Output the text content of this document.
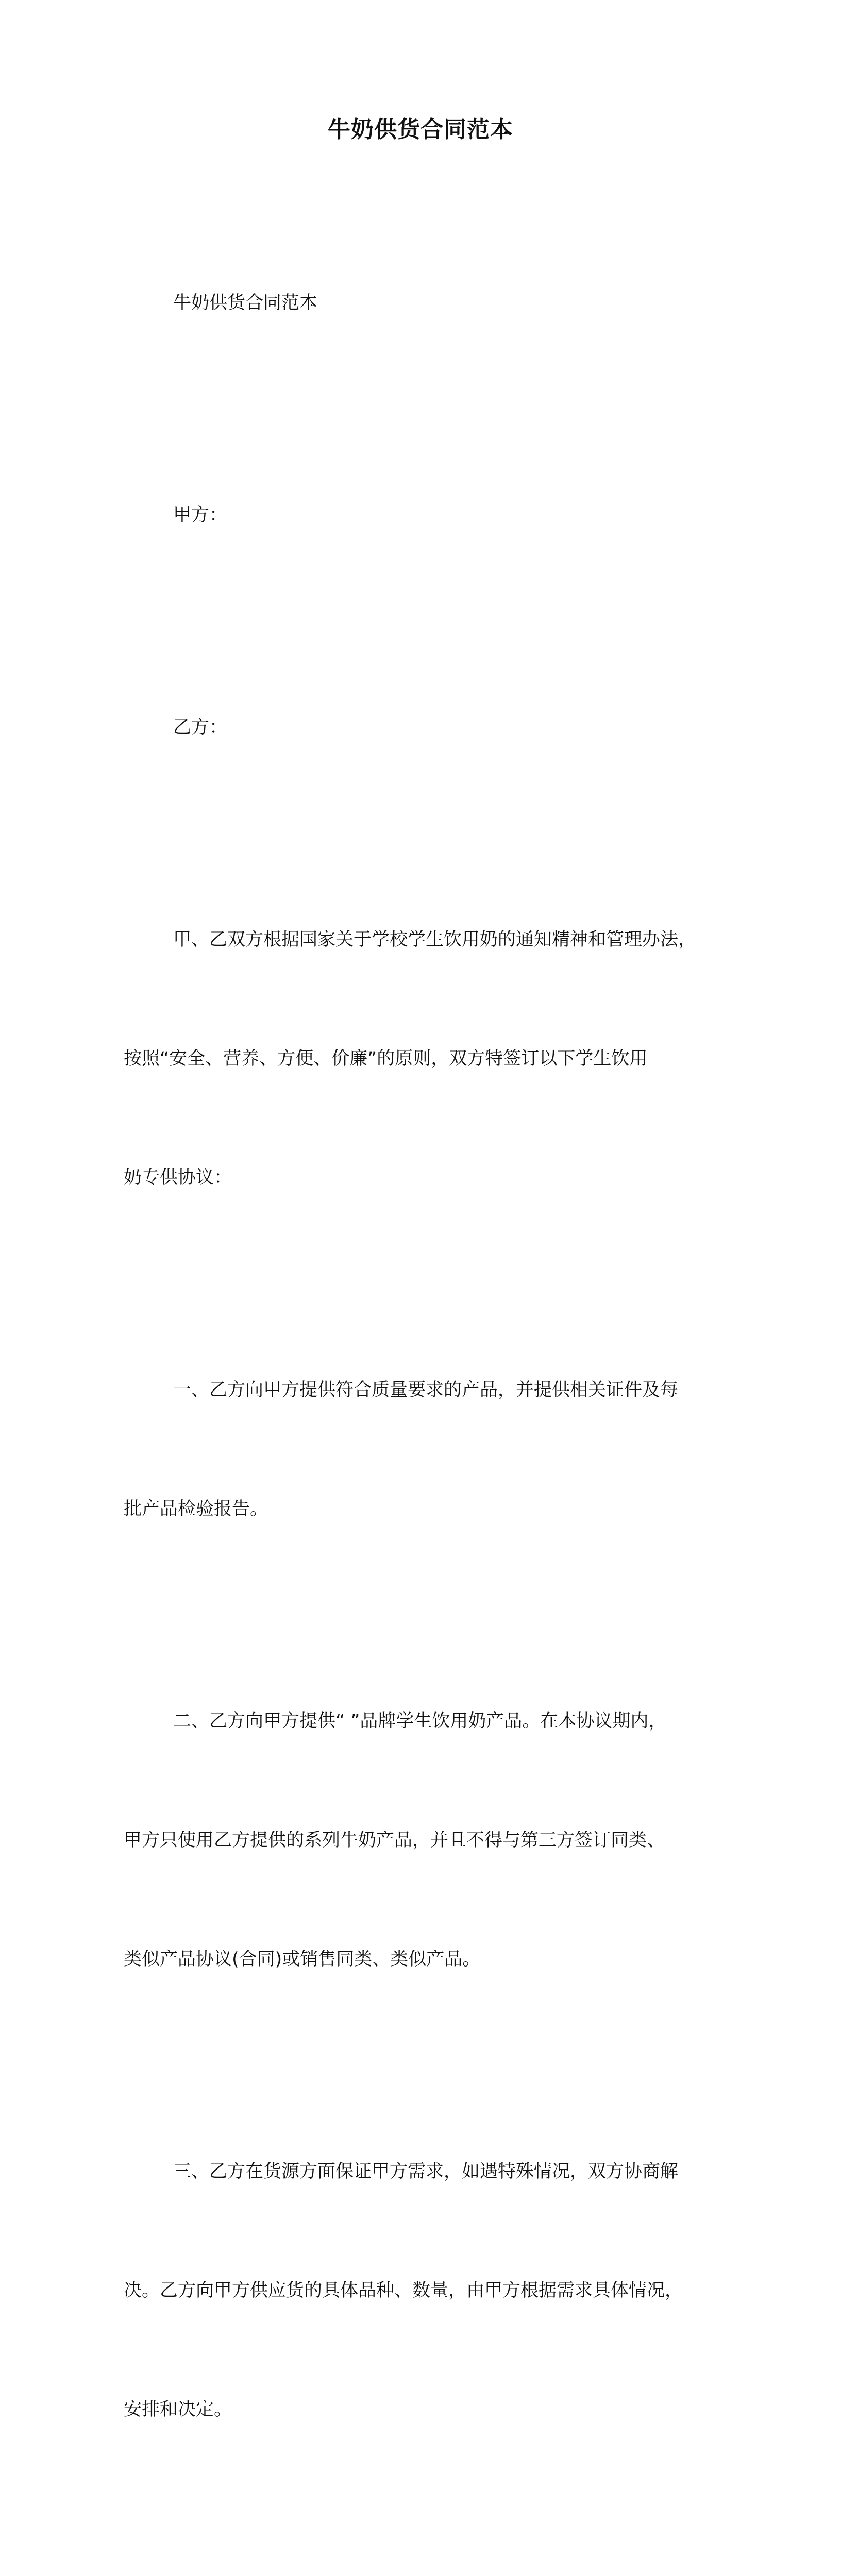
牛奶供货合同范本

牛奶供货合同范本

甲方：

乙方：

甲、乙双方根据国家关于学校学生饮用奶的通知精神和管理办法，

按照“安全、营养、方便、价廉”的原则，双方特签订以下学生饮用

奶专供协议：

一、乙方向甲方提供符合质量要求的产品，并提供相关证件及每

批产品检验报告。

二、乙方向甲方提供“ ”品牌学生饮用奶产品。在本协议期内，

甲方只使用乙方提供的系列牛奶产品，并且不得与第三方签订同类、

类似产品协议(合同)或销售同类、类似产品。

三、乙方在货源方面保证甲方需求，如遇特殊情况，双方协商解

决。乙方向甲方供应货的具体品种、数量，由甲方根据需求具体情况，

安排和决定。
